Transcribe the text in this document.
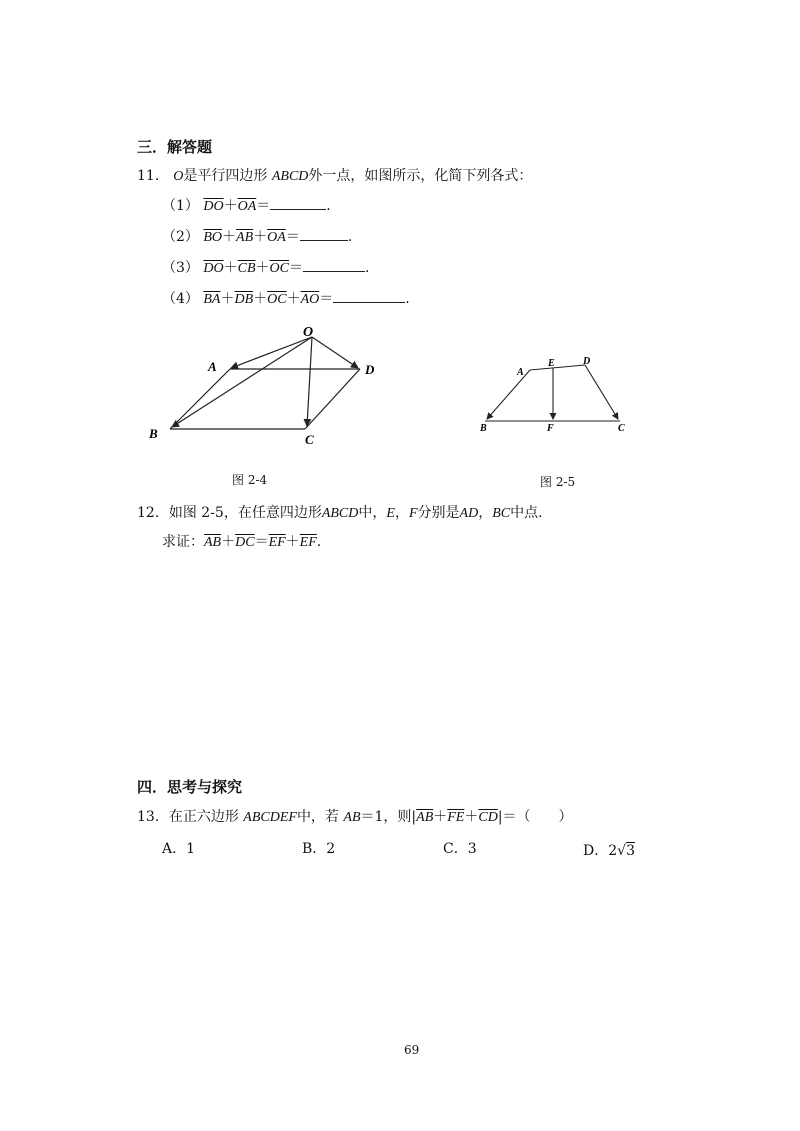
三．解答题
11． O是平行四边形 ABCD外一点，如图所示，化简下列各式：
（1） $\overline{DO}+\overline{OA}=$	.
（2） $\overline{BO}+\overline{AB}+\overline{OA}=$	.
（3） $\overline{DO}+\overline{CB}+\overline{OC}=$	.
（4） $\overline{BA}+\overline{DB}+\overline{OC}+\overline{AO}=$	.
O
A	D
B	C
图 2-4
A
E	D
B	F	C
图 2-5
12．如图 2-5，在任意四边形ABCD中，E，F分别是AD，BC中点.
求证：$\overline{AB}+\overline{DC}=\overline{EF}+\overline{EF}$.
四．思考与探究
13．在正六边形 ABCDEF中，若 AB＝1，则$|\overline{AB}+\overline{FE}+\overline{CD}|=$（　　）
A．1	B．2	C．3	D．2√3
69
